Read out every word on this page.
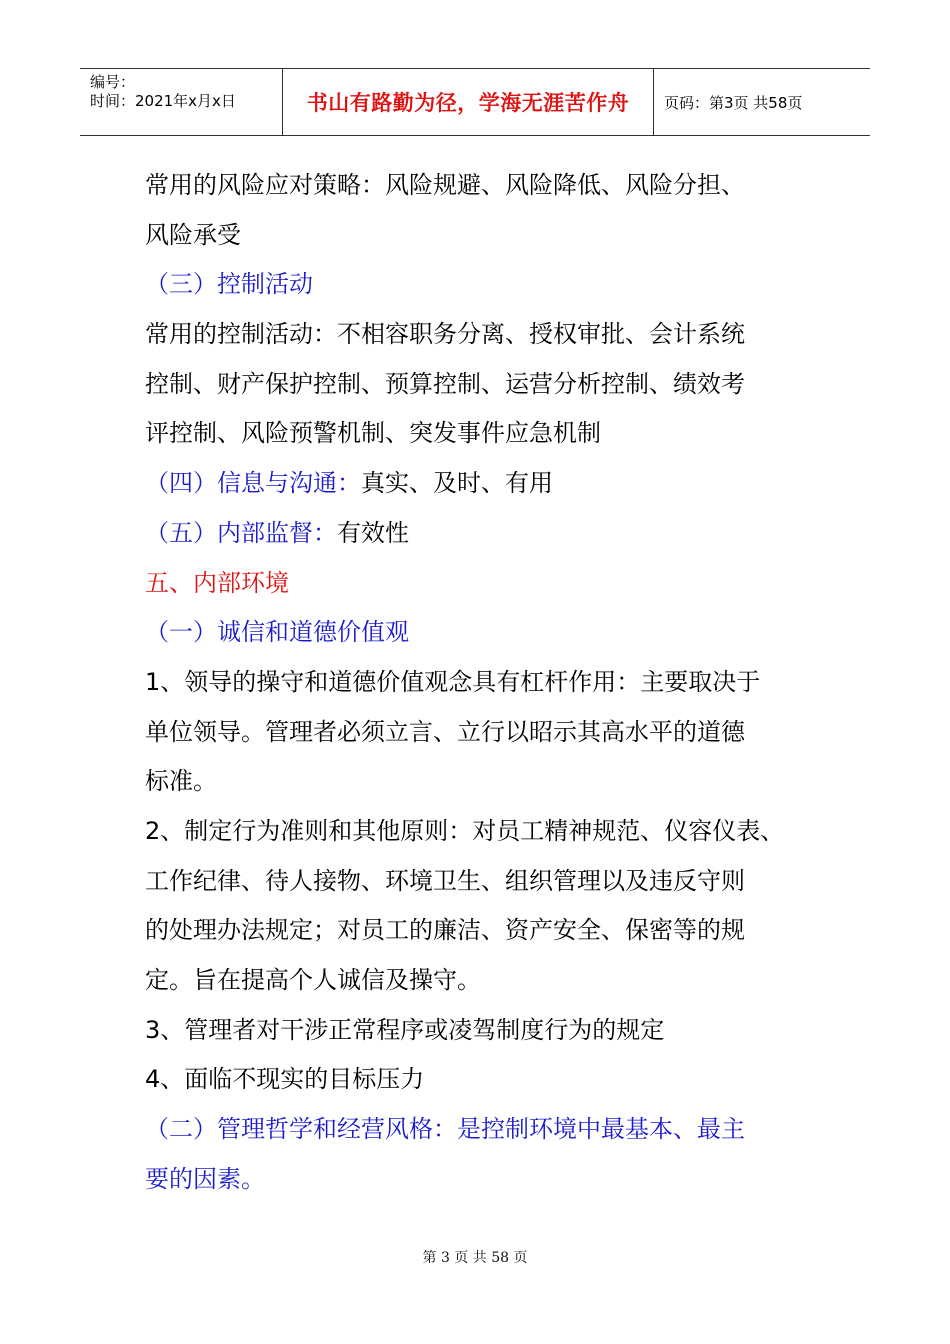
编号：
时间：2021年x月x日	书山有路勤为径，学海无涯苦作舟 页码：第3页 共58页
常用的风险应对策略：风险规避、风险降低、风险分担、
风险承受
（三）控制活动
常用的控制活动：不相容职务分离、授权审批、会计系统
控制、财产保护控制、预算控制、运营分析控制、绩效考
评控制、风险预警机制、突发事件应急机制
（四）信息与沟通：真实、及时、有用
（五）内部监督：有效性
五、内部环境
（一）诚信和道德价值观
1、领导的操守和道德价值观念具有杠杆作用：主要取决于
单位领导。管理者必须立言、立行以昭示其高水平的道德
标准。
2、制定行为准则和其他原则：对员工精神规范、仪容仪表、
工作纪律、待人接物、环境卫生、组织管理以及违反守则
的处理办法规定；对员工的廉洁、资产安全、保密等的规
定。旨在提高个人诚信及操守。
3、管理者对干涉正常程序或凌驾制度行为的规定
4、面临不现实的目标压力
（二）管理哲学和经营风格：是控制环境中最基本、最主
要的因素。
第 3 页 共 58 页
